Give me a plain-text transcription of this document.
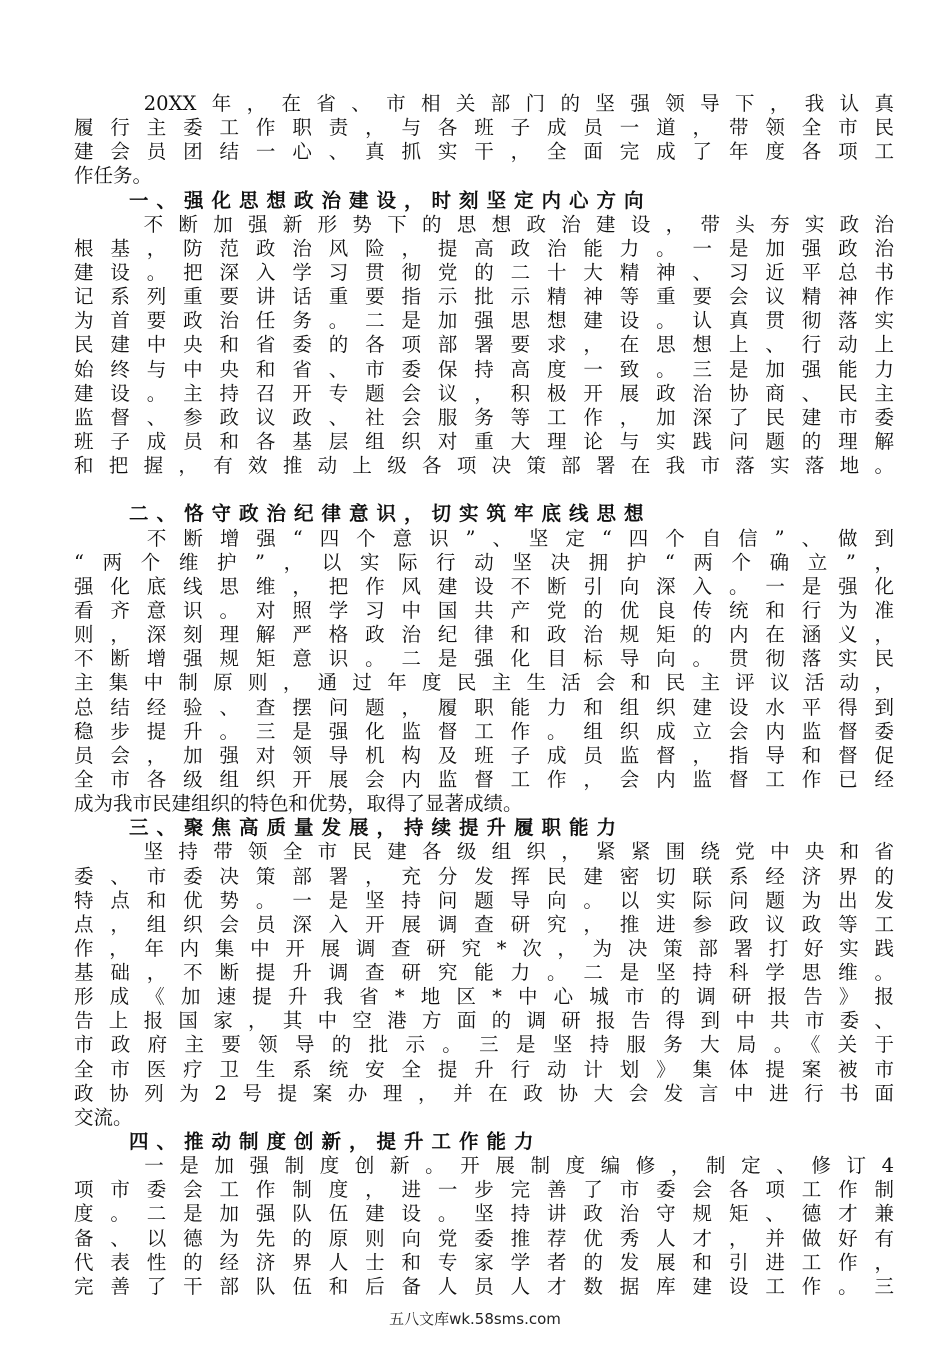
　　20XX年，在省、市相关部门的坚强领导下，我认真
履行主委工作职责，与各班子成员一道，带领全市民
建会员团结一心、真抓实干，全面完成了年度各项工
作任务。
　　一、强化思想政治建设，时刻坚定内心方向
　　不断加强新形势下的思想政治建设，带头夯实政治
根基，防范政治风险，提高政治能力。一是加强政治
建设。把深入学习贯彻党的二十大精神、习近平总书
记系列重要讲话重要指示批示精神等重要会议精神作
为首要政治任务。二是加强思想建设。认真贯彻落实
民建中央和省委的各项部署要求，在思想上、行动上
始终与中央和省、市委保持高度一致。三是加强能力
建设。主持召开专题会议，积极开展政治协商、民主
监督、参政议政、社会服务等工作，加深了民建市委
班子成员和各基层组织对重大理论与实践问题的理解
和把握，有效推动上级各项决策部署在我市落实落地。
　　二、恪守政治纪律意识，切实筑牢底线思想
　　不断增强“四个意识”、坚定“四个自信”、做到
“两个维护”，以实际行动坚决拥护“两个确立”，
强化底线思维，把作风建设不断引向深入。一是强化
看齐意识。对照学习中国共产党的优良传统和行为准
则，深刻理解严格政治纪律和政治规矩的内在涵义，
不断增强规矩意识。二是强化目标导向。贯彻落实民
主集中制原则，通过年度民主生活会和民主评议活动，
总结经验、查摆问题，履职能力和组织建设水平得到
稳步提升。三是强化监督工作。组织成立会内监督委
员会，加强对领导机构及班子成员监督，指导和督促
全市各级组织开展会内监督工作，会内监督工作已经
成为我市民建组织的特色和优势，取得了显著成绩。
　　三、聚焦高质量发展，持续提升履职能力
　　坚持带领全市民建各级组织，紧紧围绕党中央和省
委、市委决策部署，充分发挥民建密切联系经济界的
特点和优势。一是坚持问题导向。以实际问题为出发
点，组织会员深入开展调查研究，推进参政议政等工
作，年内集中开展调查研究*次，为决策部署打好实践
基础，不断提升调查研究能力。二是坚持科学思维。
形成《加速提升我省*地区*中心城市的调研报告》报
告上报国家，其中空港方面的调研报告得到中共市委、
市政府主要领导的批示。三是坚持服务大局。《关于
全市医疗卫生系统安全提升行动计划》集体提案被市
政协列为2号提案办理，并在政协大会发言中进行书面
交流。
　　四、推动制度创新，提升工作能力
　　一是加强制度创新。开展制度编修，制定、修订4
项市委会工作制度，进一步完善了市委会各项工作制
度。二是加强队伍建设。坚持讲政治守规矩、德才兼
备、以德为先的原则向党委推荐优秀人才，并做好有
代表性的经济界人士和专家学者的发展和引进工作，
完善了干部队伍和后备人员人才数据库建设工作。三
五八文库wk.58sms.com
